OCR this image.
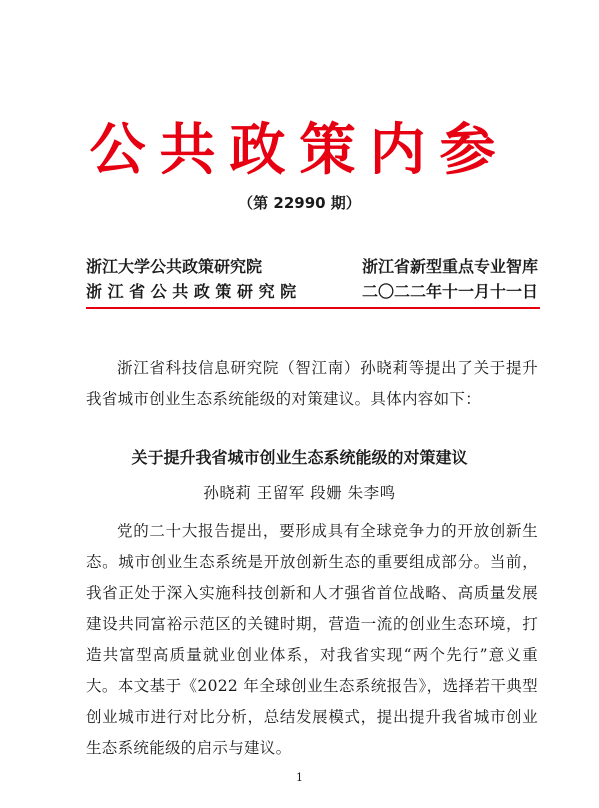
公共政策内参
（第 22990 期）
浙江大学公共政策研究院	浙江省新型重点专业智库
浙 江 省 公 共 政 策 研 究 院	二〇二二年十一月十一日
浙江省科技信息研究院（智江南）孙晓莉等提出了关于提升我省城市创业生态系统能级的对策建议。具体内容如下：
关于提升我省城市创业生态系统能级的对策建议
孙晓莉 王留军 段姗 朱李鸣
党的二十大报告提出，要形成具有全球竞争力的开放创新生态。城市创业生态系统是开放创新生态的重要组成部分。当前，我省正处于深入实施科技创新和人才强省首位战略、高质量发展建设共同富裕示范区的关键时期，营造一流的创业生态环境，打造共富型高质量就业创业体系，对我省实现“两个先行”意义重大。本文基于《2022 年全球创业生态系统报告》，选择若干典型创业城市进行对比分析，总结发展模式，提出提升我省城市创业生态系统能级的启示与建议。
1
